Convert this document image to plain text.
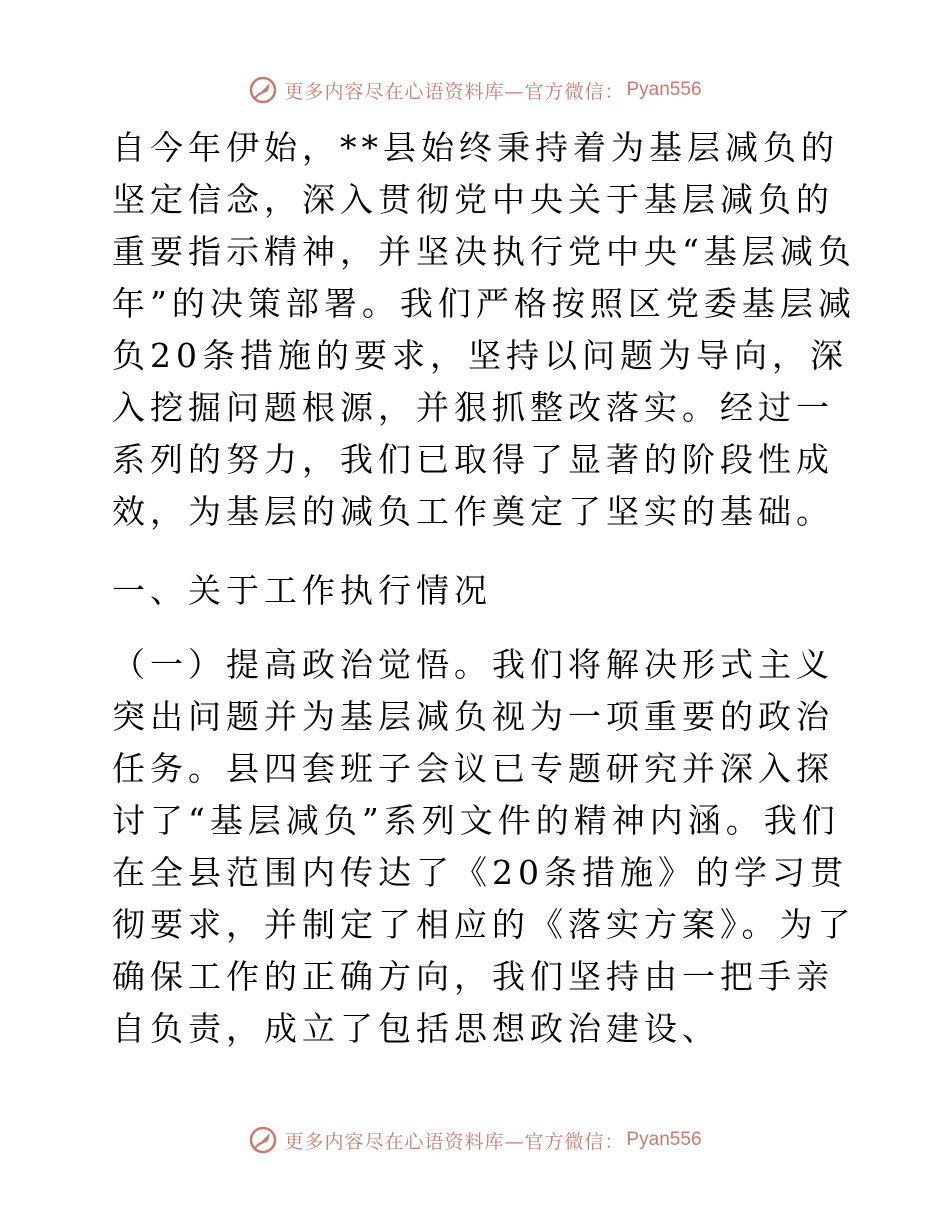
更多内容尽在心语资料库—官方微信： Pyan556

自今年伊始，**县始终秉持着为基层减负的坚定信念，深入贯彻党中央关于基层减负的重要指示精神，并坚决执行党中央“基层减负年”的决策部署。我们严格按照区党委基层减负20条措施的要求，坚持以问题为导向，深入挖掘问题根源，并狠抓整改落实。经过一系列的努力，我们已取得了显著的阶段性成效，为基层的减负工作奠定了坚实的基础。

一、关于工作执行情况

（一）提高政治觉悟。我们将解决形式主义突出问题并为基层减负视为一项重要的政治任务。县四套班子会议已专题研究并深入探讨了“基层减负”系列文件的精神内涵。我们在全县范围内传达了《20条措施》的学习贯彻要求，并制定了相应的《落实方案》。为了确保工作的正确方向，我们坚持由一把手亲自负责，成立了包括思想政治建设、

更多内容尽在心语资料库—官方微信： Pyan556
